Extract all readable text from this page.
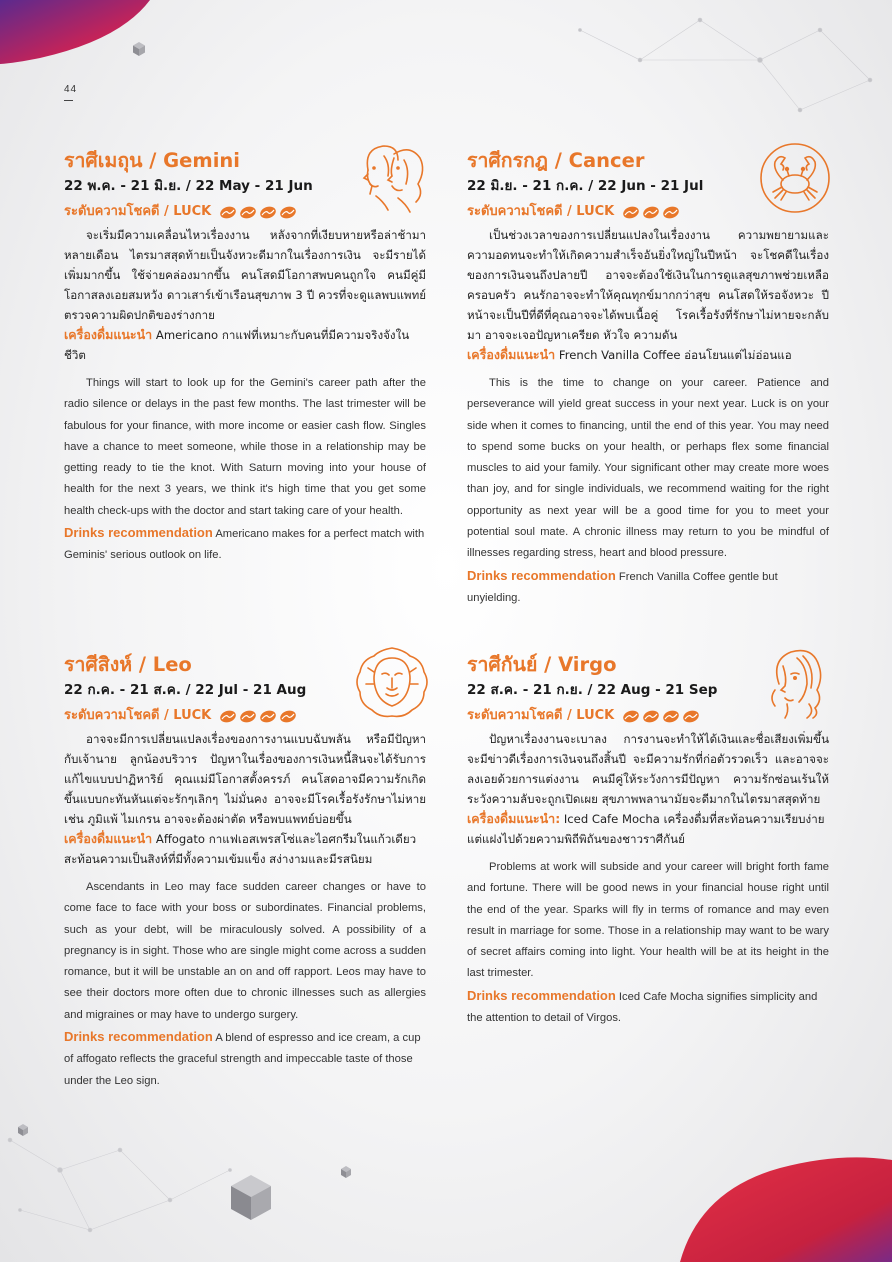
44
ราศีเมถุน / Gemini
22 พ.ค. - 21 มิ.ย. / 22 May - 21 Jun
ระดับความโชคดี / LUCK

จะเริ่มมีความเคลื่อนไหวเรื่องงาน หลังจากที่เงียบหายหรือล่าช้ามาหลายเดือน ไตรมาสสุดท้ายเป็นจังหวะดีมากในเรื่องการเงิน จะมีรายได้เพิ่มมากขึ้น ใช้จ่ายคล่องมากขึ้น คนโสดมีโอกาสพบคนถูกใจ คนมีคู่มีโอกาสลงเอยสมหวัง ดาวเสาร์เข้าเรือนสุขภาพ 3 ปี ควรที่จะดูแลพบแพทย์ตรวจความผิดปกติของร่างกาย

เครื่องดื่มแนะนำ Americano กาแฟที่เหมาะกับคนที่มีความจริงจังในชีวิต

Things will start to look up for the Gemini's career path after the radio silence or delays in the past few months. The last trimester will be fabulous for your finance, with more income or easier cash flow. Singles have a chance to meet someone, while those in a relationship may be getting ready to tie the knot. With Saturn moving into your house of health for the next 3 years, we think it's high time that you get some health check-ups with the doctor and start taking care of your health.

Drinks recommendation Americano makes for a perfect match with Geminis' serious outlook on life.

ราศีกรกฎ / Cancer
22 มิ.ย. - 21 ก.ค. / 22 Jun - 21 Jul
ระดับความโชคดี / LUCK

เป็นช่วงเวลาของการเปลี่ยนแปลงในเรื่องงาน ความพยายามและความอดทนจะทำให้เกิดความสำเร็จอันยิ่งใหญ่ในปีหน้า จะโชคดีในเรื่องของการเงินจนถึงปลายปี อาจจะต้องใช้เงินในการดูแลสุขภาพช่วยเหลือครอบครัว คนรักอาจจะทำให้คุณทุกข์มากกว่าสุข คนโสดให้รอจังหวะ ปีหน้าจะเป็นปีที่ดีที่คุณอาจจะได้พบเนื้อคู่ โรคเรื้อรังที่รักษาไม่หายจะกลับมา อาจจะเจอปัญหาเครียด หัวใจ ความดัน

เครื่องดื่มแนะนำ French Vanilla Coffee อ่อนโยนแต่ไม่อ่อนแอ

This is the time to change on your career. Patience and perseverance will yield great success in your next year. Luck is on your side when it comes to financing, until the end of this year. You may need to spend some bucks on your health, or perhaps flex some financial muscles to aid your family. Your significant other may create more woes than joy, and for single individuals, we recommend waiting for the right opportunity as next year will be a good time for you to meet your potential soul mate. A chronic illness may return to you be mindful of illnesses regarding stress, heart and blood pressure.

Drinks recommendation French Vanilla Coffee gentle but unyielding.

ราศีสิงห์ / Leo
22 ก.ค. - 21 ส.ค. / 22 Jul - 21 Aug
ระดับความโชคดี / LUCK

อาจจะมีการเปลี่ยนแปลงเรื่องของการงานแบบฉับพลัน หรือมีปัญหากับเจ้านาย ลูกน้องบริวาร ปัญหาในเรื่องของการเงินหนี้สินจะได้รับการแก้ไขแบบปาฏิหาริย์ คุณแม่มีโอกาสตั้งครรภ์ คนโสดอาจมีความรักเกิดขึ้นแบบกะทันหันแต่จะรักๆเลิกๆ ไม่มั่นคง อาจจะมีโรคเรื้อรังรักษาไม่หายเช่น ภูมิแพ้ ไมเกรน อาจจะต้องผ่าตัด หรือพบแพทย์บ่อยขึ้น

เครื่องดื่มแนะนำ Affogato กาแฟเอสเพรสโซ่และไอศกรีมในแก้วเดียว สะท้อนความเป็นสิงห์ที่มีทั้งความเข้มแข็ง สง่างามและมีรสนิยม

Ascendants in Leo may face sudden career changes or have to come face to face with your boss or subordinates. Financial problems, such as your debt, will be miraculously solved. A possibility of a pregnancy is in sight. Those who are single might come across a sudden romance, but it will be unstable an on and off rapport. Leos may have to see their doctors more often due to chronic illnesses such as allergies and migraines or may have to undergo surgery.

Drinks recommendation A blend of espresso and ice cream, a cup of affogato reflects the graceful strength and impeccable taste of those under the Leo sign.

ราศีกันย์ / Virgo
22 ส.ค. - 21 ก.ย. / 22 Aug - 21 Sep
ระดับความโชคดี / LUCK

ปัญหาเรื่องงานจะเบาลง การงานจะทำให้ได้เงินและชื่อเสียงเพิ่มขึ้นจะมีข่าวดีเรื่องการเงินจนถึงสิ้นปี จะมีความรักที่ก่อตัวรวดเร็ว และอาจจะลงเอยด้วยการแต่งงาน คนมีคู่ให้ระวังการมีปัญหา ความรักซ่อนเร้นให้ระวังความลับจะถูกเปิดเผย สุขภาพพลานามัยจะดีมากในไตรมาสสุดท้าย

เครื่องดื่มแนะนำ: Iced Cafe Mocha เครื่องดื่มที่สะท้อนความเรียบง่าย แต่แฝงไปด้วยความพิถีพิถันของชาวราศีกันย์

Problems at work will subside and your career will bright forth fame and fortune. There will be good news in your financial house right until the end of the year. Sparks will fly in terms of romance and may even result in marriage for some. Those in a relationship may want to be wary of secret affairs coming into light. Your health will be at its height in the last trimester.

Drinks recommendation Iced Cafe Mocha signifies simplicity and the attention to detail of Virgos.
